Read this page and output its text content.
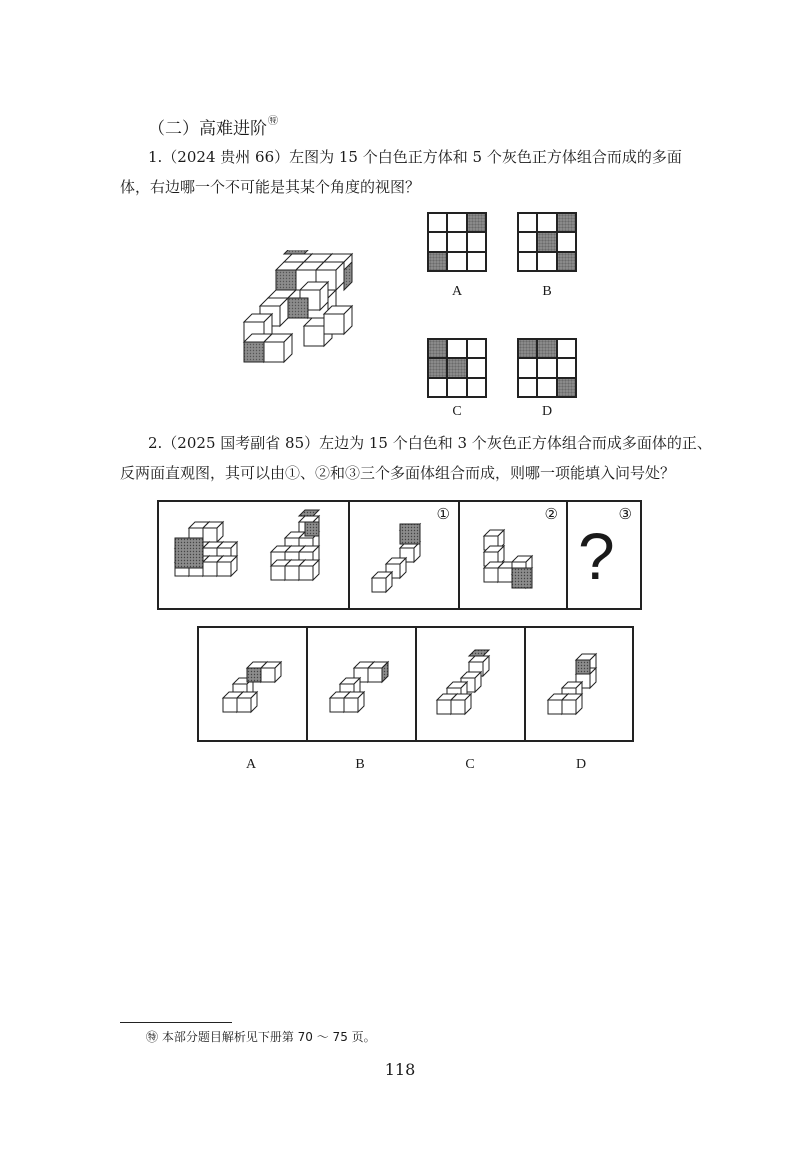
（二）高难进阶㊕
1.（2024 贵州 66）左图为 15 个白色正方体和 5 个灰色正方体组合而成的多面
体，右边哪一个不可能是其某个角度的视图？
A	B
C	D
2.（2025 国考副省 85）左边为 15 个白色和 3 个灰色正方体组合而成多面体的正、
反两面直观图，其可以由①、②和③三个多面体组合而成，则哪一项能填入问号处？
①	②	③
?
A	B	C	D
㊕ 本部分题目解析见下册第 70 ～ 75 页。
118
